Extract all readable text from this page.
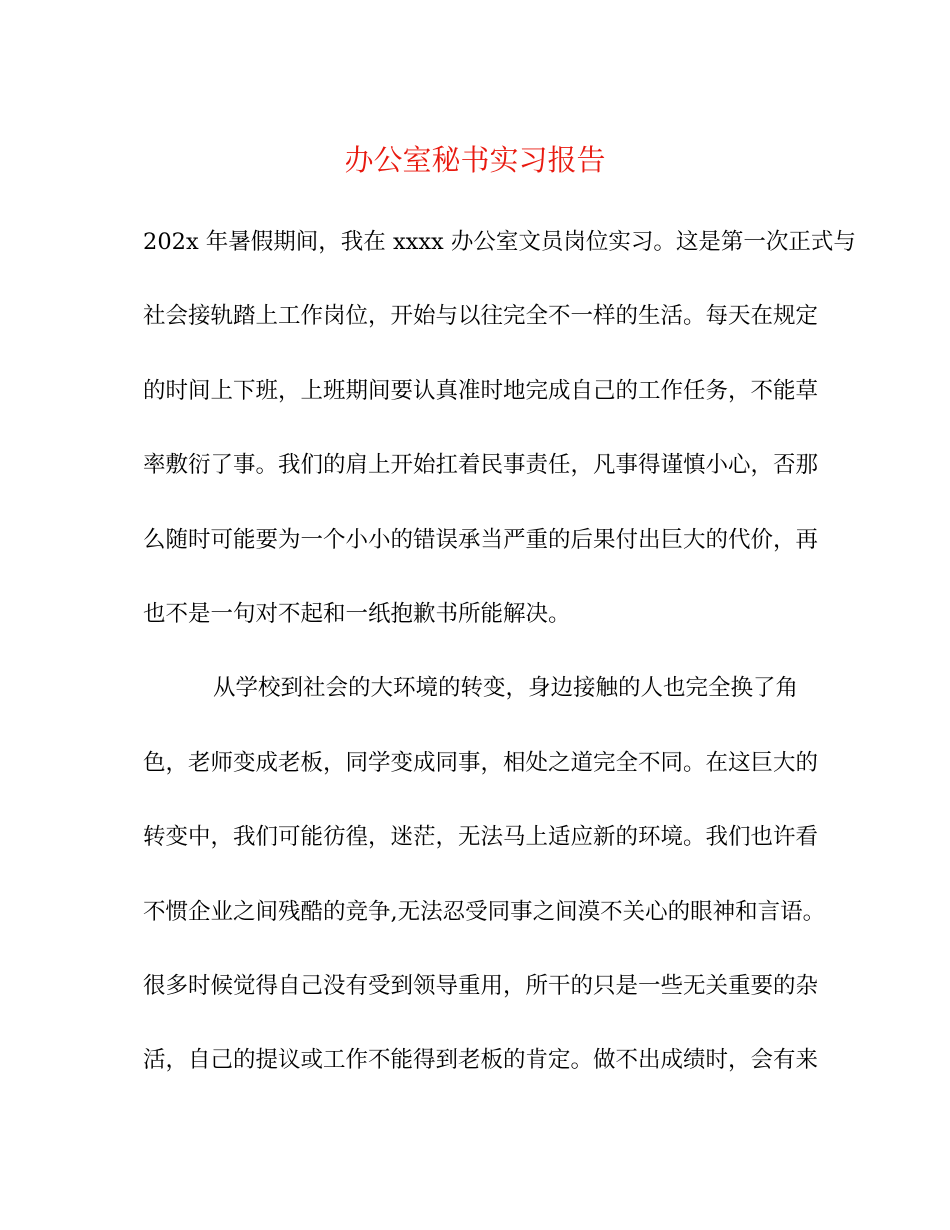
办公室秘书实习报告
202x 年暑假期间，我在 xxxx 办公室文员岗位实习。这是第一次正式与
社会接轨踏上工作岗位，开始与以往完全不一样的生活。每天在规定
的时间上下班，上班期间要认真准时地完成自己的工作任务，不能草
率敷衍了事。我们的肩上开始扛着民事责任，凡事得谨慎小心，否那
么随时可能要为一个小小的错误承当严重的后果付出巨大的代价，再
也不是一句对不起和一纸抱歉书所能解决。
从学校到社会的大环境的转变，身边接触的人也完全换了角
色，老师变成老板，同学变成同事，相处之道完全不同。在这巨大的
转变中，我们可能彷徨，迷茫，无法马上适应新的环境。我们也许看
不惯企业之间残酷的竞争,无法忍受同事之间漠不关心的眼神和言语。
很多时候觉得自己没有受到领导重用，所干的只是一些无关重要的杂
活，自己的提议或工作不能得到老板的肯定。做不出成绩时，会有来
